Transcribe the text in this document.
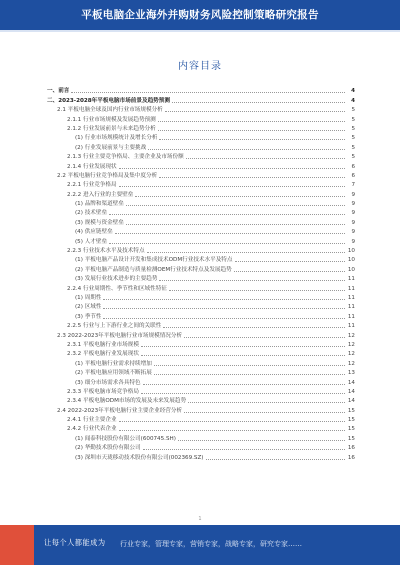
平板电脑企业海外并购财务风险控制策略研究报告
内容目录
一、前言	4
二、2023-2028年平板电脑市场前景及趋势预测	4
2.1 平板电脑全球及国内行业市场规模分析	5
2.1.1 行业市场规模及发展趋势预测	5
2.1.2 行业发展前景与未来趋势分析	5
(1) 行业市场规模统计及增长分析	5
(2) 行业发展前景与主要挑战	5
2.1.3 行业主要竞争格局、主要企业及市场份额	5
2.1.4 行业发展现状	6
2.2 平板电脑行业竞争格局及集中度分析	6
2.2.1 行业竞争格局	7
2.2.2 进入行业的主要壁垒	9
(1) 品牌和渠道壁垒	9
(2) 技术壁垒	9
(3) 规模与资金壁垒	9
(4) 供应链壁垒	9
(5) 人才壁垒	9
2.2.3 行业技术水平及技术特点	10
(1) 平板电脑产品设计开发和集成技术ODM行业技术水平及特点	10
(2) 平板电脑产品制造与质量检测OEM行业技术特点及发展趋势	10
(3) 发展行业技术进步的主要趋势	11
2.2.4 行业周期性、季节性和区域性特征	11
(1) 周期性	11
(2) 区域性	11
(3) 季节性	11
2.2.5 行业与上下游行业之间的关联性	11
2.3 2022-2023年平板电脑行业市场规模情况分析	12
2.3.1 平板电脑行业市场规模	12
2.3.2 平板电脑行业发展现状	12
(1) 平板电脑行业需求持续增加	12
(2) 平板电脑应用领域不断拓展	13
(3) 细分市场需求各具特色	14
2.3.3 平板电脑市场竞争格局	14
2.3.4 平板电脑ODM市场的发展及未来发展趋势	14
2.4 2022-2023年平板电脑行业主要企业经营分析	15
2.4.1 行业主要企业	15
2.4.2 行业代表企业	15
(1) 闻泰科技股份有限公司(600745.SH)	15
(2) 华勤技术股份有限公司	16
(3) 深圳市天珑移动技术股份有限公司(002369.SZ)	16
1
让每个人都能成为 行业专家，管理专家，营销专家，战略专家，研究专家……
